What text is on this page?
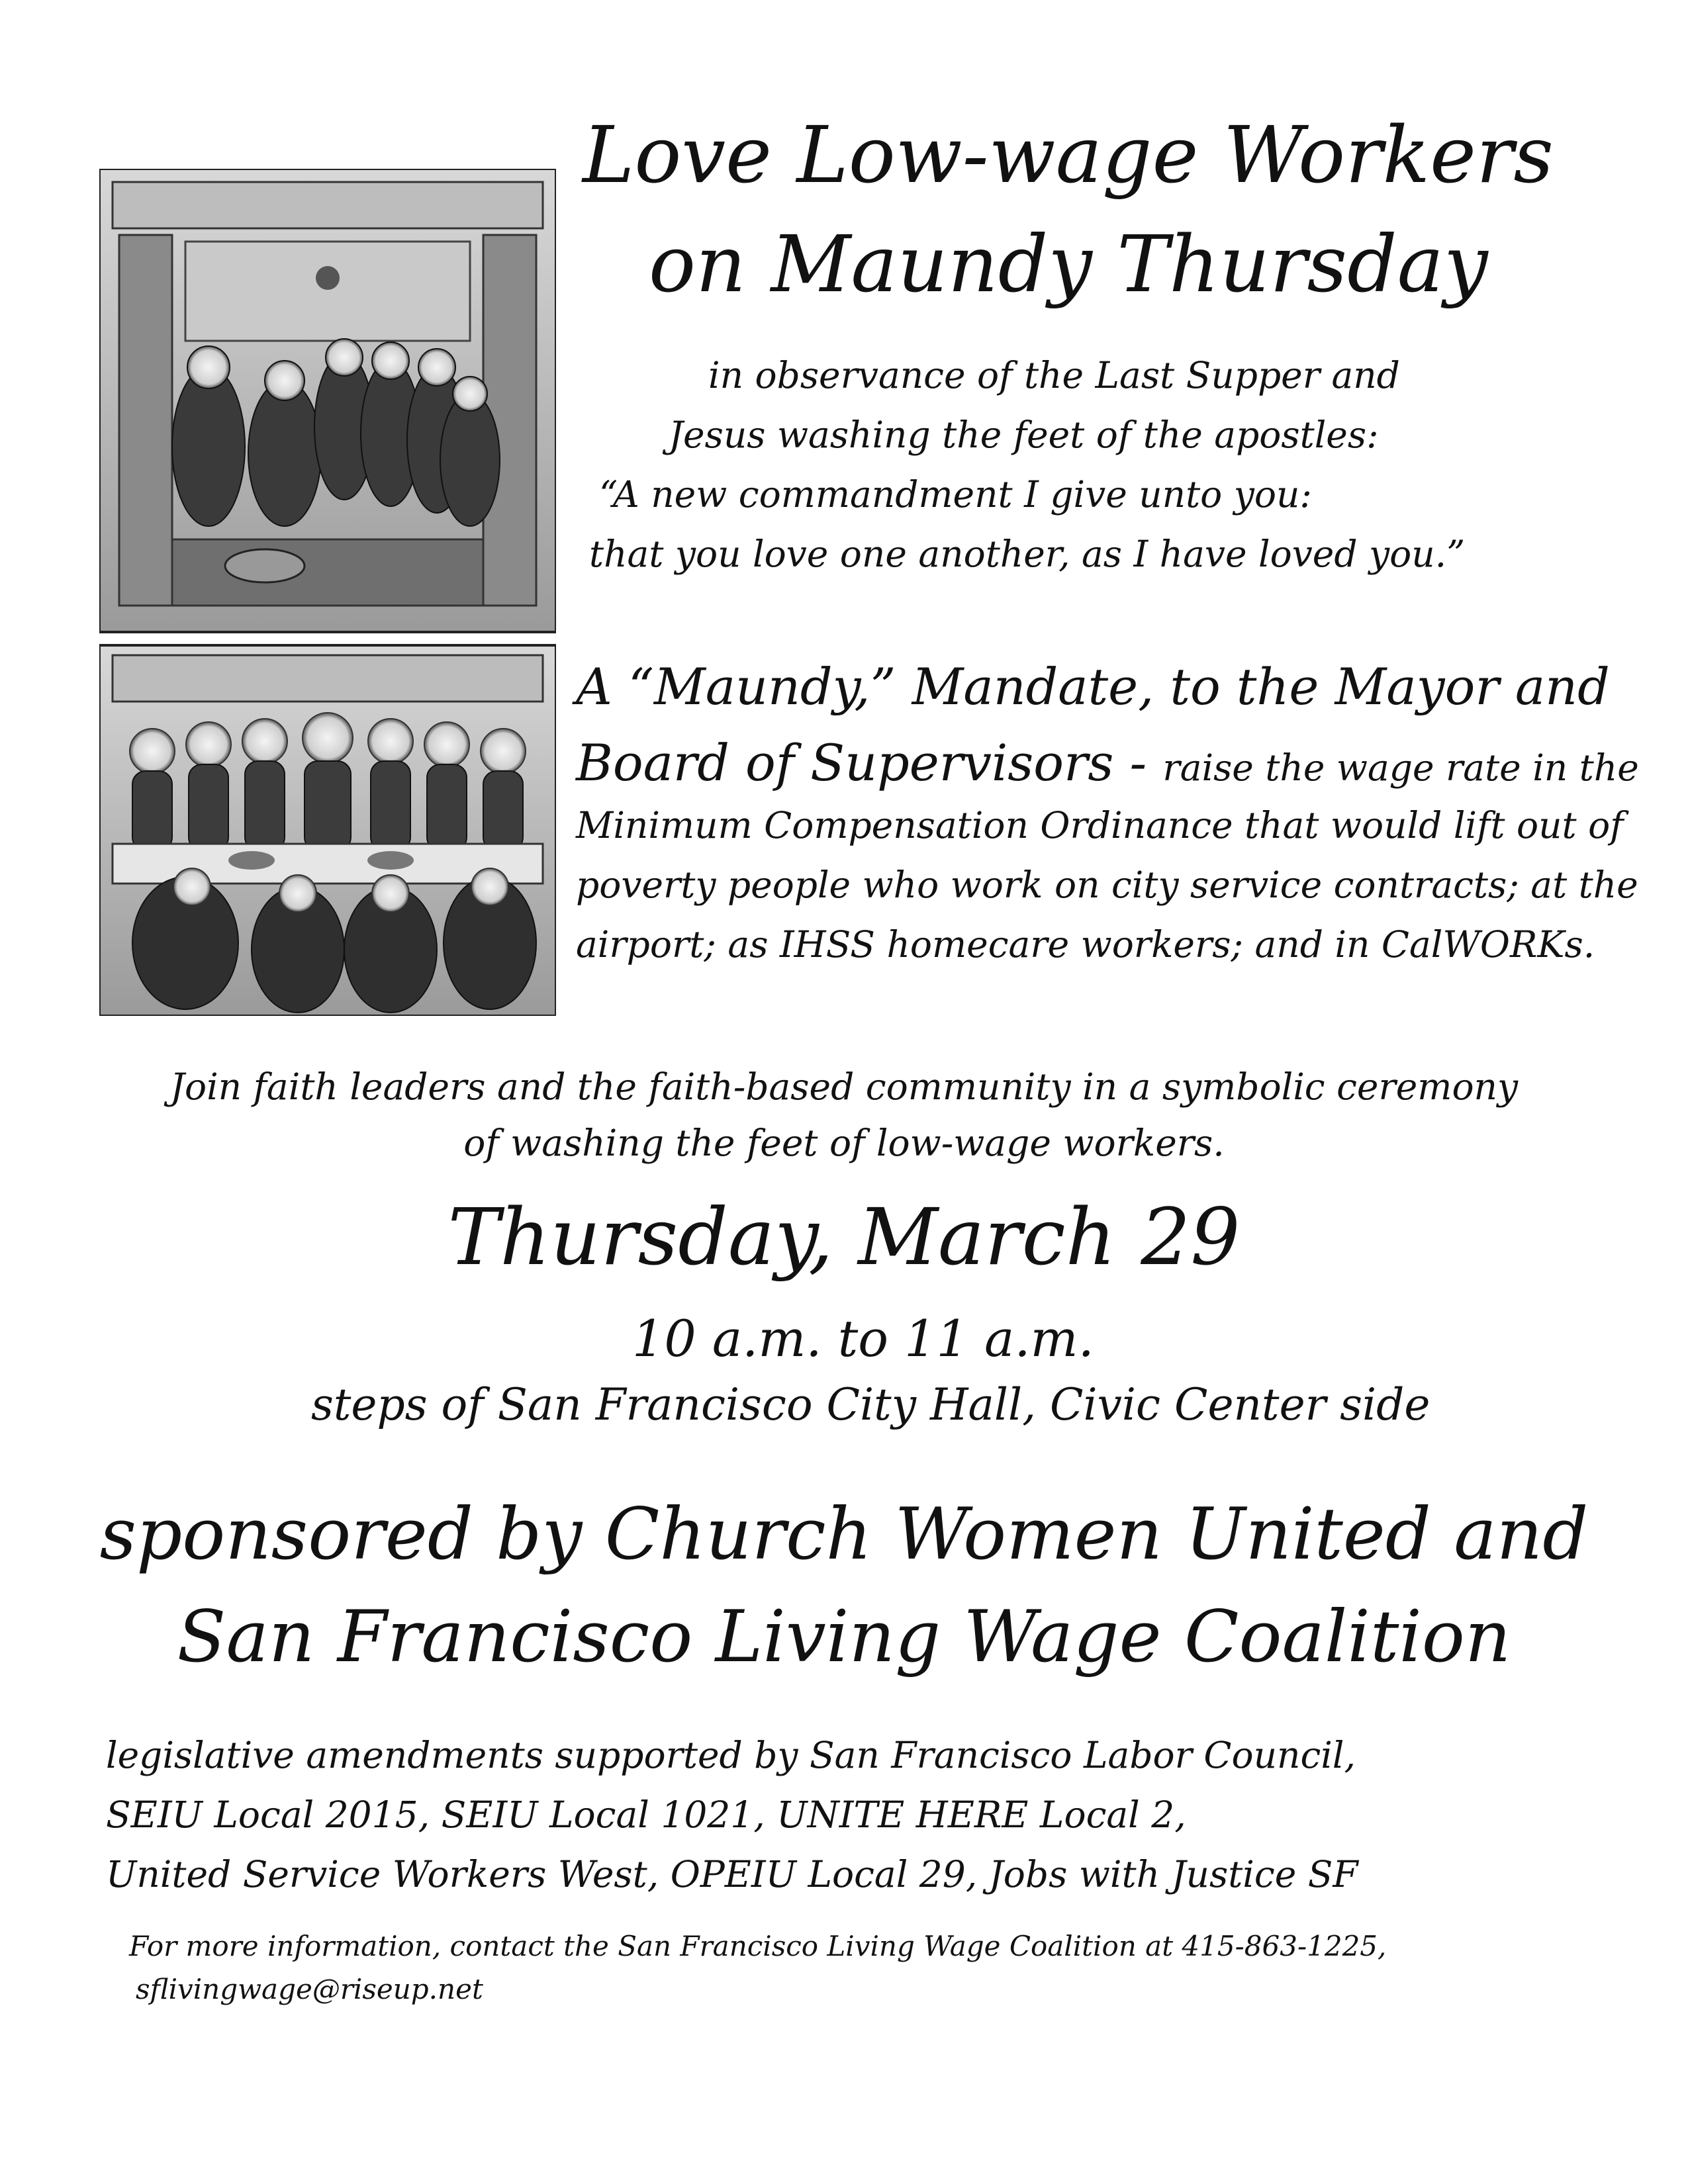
Love Low-wage Workers
on Maundy Thursday
in observance of the Last Supper and
Jesus washing the feet of the apostles:
“A new commandment I give unto you:
that you love one another, as I have loved you.”
A “Maundy,” Mandate, to the Mayor and
Board of Supervisors - raise the wage rate in the
Minimum Compensation Ordinance that would lift out of
poverty people who work on city service contracts; at the
airport; as IHSS homecare workers; and in CalWORKs.
Join faith leaders and the faith-based community in a symbolic ceremony
of washing the feet of low-wage workers.
Thursday, March 29
10 a.m. to 11 a.m.
steps of San Francisco City Hall, Civic Center side
sponsored by Church Women United and
San Francisco Living Wage Coalition
legislative amendments supported by San Francisco Labor Council,
SEIU Local 2015, SEIU Local 1021, UNITE HERE Local 2,
United Service Workers West, OPEIU Local 29, Jobs with Justice SF
For more information, contact the San Francisco Living Wage Coalition at 415-863-1225,
sflivingwage@riseup.net
